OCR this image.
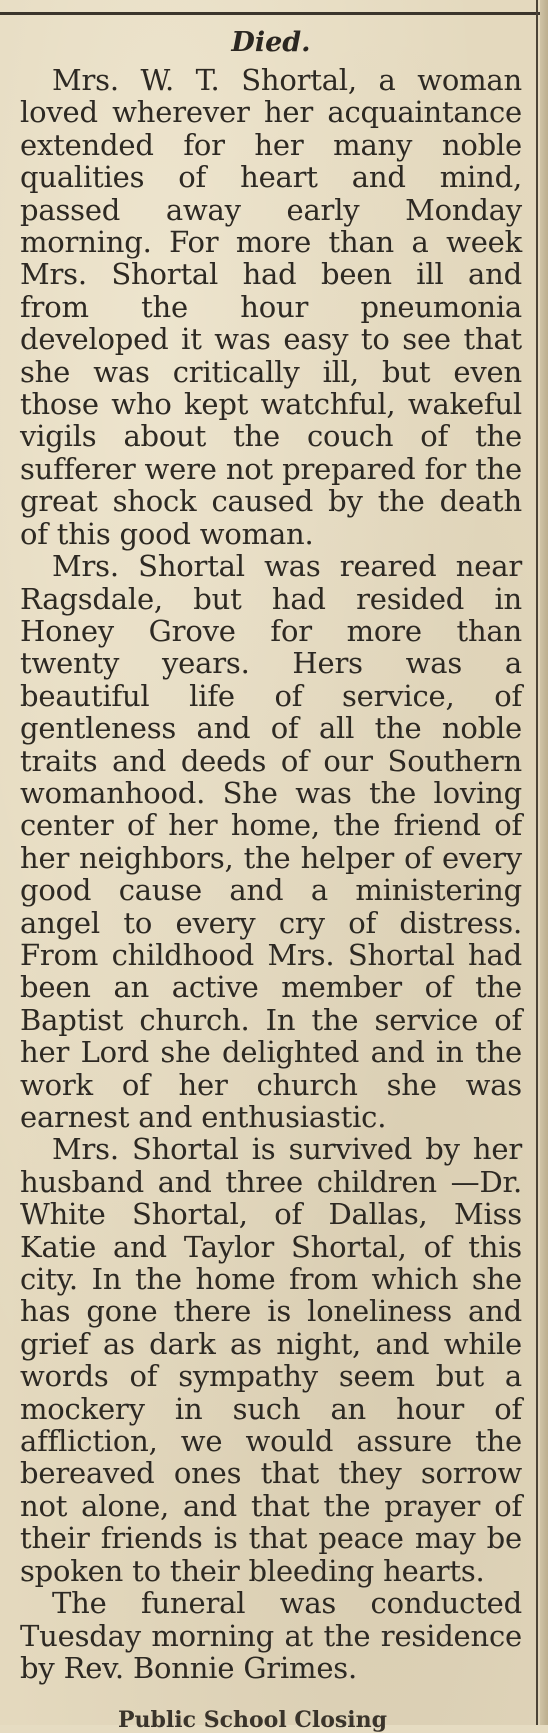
Died.

Mrs. W. T. Shortal, a woman loved wherever her acquaintance extended for her many noble qualities of heart and mind, passed away early Monday morning. For more than a week Mrs. Shortal had been ill and from the hour pneumonia developed it was easy to see that she was critically ill, but even those who kept watchful, wakeful vigils about the couch of the sufferer were not prepared for the great shock caused by the death of this good woman.

Mrs. Shortal was reared near Ragsdale, but had resided in Honey Grove for more than twenty years. Hers was a beautiful life of service, of gentleness and of all the noble traits and deeds of our Southern womanhood. She was the loving center of her home, the friend of her neighbors, the helper of every good cause and a ministering angel to every cry of distress. From childhood Mrs. Shortal had been an active member of the Baptist church. In the service of her Lord she delighted and in the work of her church she was earnest and enthusiastic.

Mrs. Shortal is survived by her husband and three children —Dr. White Shortal, of Dallas, Miss Katie and Taylor Shortal, of this city. In the home from which she has gone there is loneliness and grief as dark as night, and while words of sympathy seem but a mockery in such an hour of affliction, we would assure the bereaved ones that they sorrow not alone, and that the prayer of their friends is that peace may be spoken to their bleeding hearts.

The funeral was conducted Tuesday morning at the residence by Rev. Bonnie Grimes.

Public School Closing
